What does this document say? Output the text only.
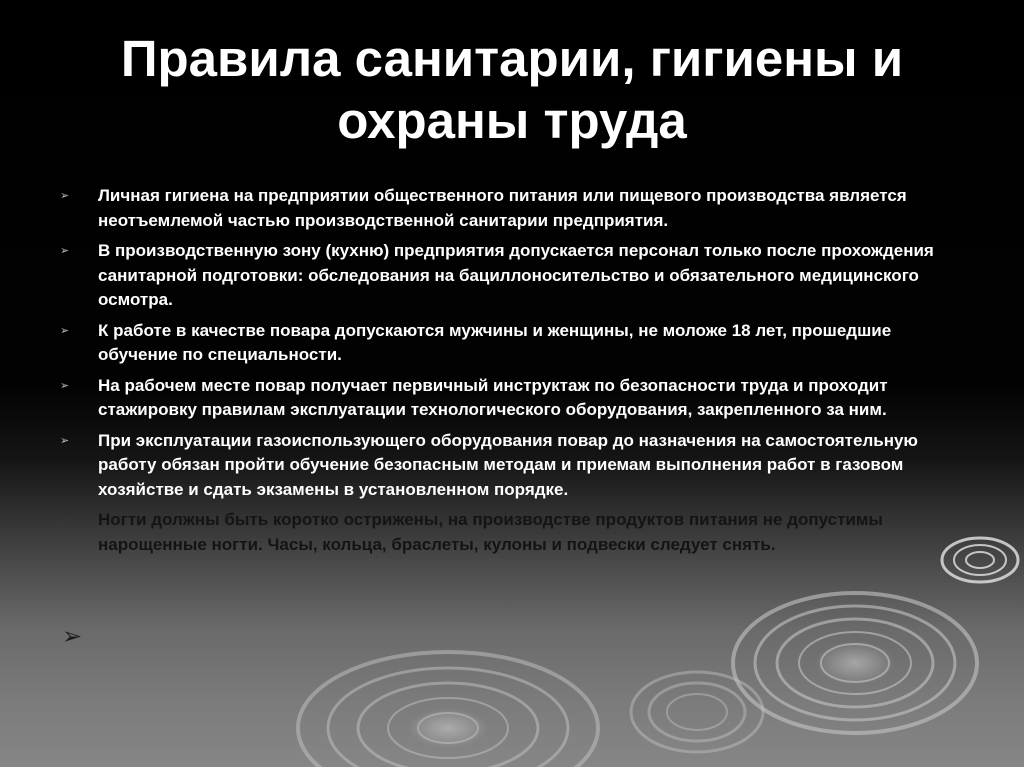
Правила санитарии, гигиены и охраны труда
➢ Личная гигиена на предприятии общественного питания или пищевого производства является неотъемлемой частью производственной санитарии предприятия.
➢ В производственную зону (кухню) предприятия допускается персонал только после прохождения санитарной подготовки: обследования на бациллоносительство и обязательного медицинского осмотра.
➢ К работе в качестве повара допускаются мужчины и женщины, не моложе 18 лет, прошедшие обучение по специальности.
➢ На рабочем месте повар получает первичный инструктаж по безопасности труда и проходит стажировку правилам эксплуатации технологического оборудования, закрепленного за ним.
➢ При эксплуатации газоиспользующего оборудования повар до назначения на самостоятельную работу обязан пройти обучение безопасным методам и приемам выполнения работ в газовом хозяйстве и сдать экзамены в установленном порядке.
➢ Ногти должны быть коротко острижены, на производстве продуктов питания не допустимы нарощенные ногти. Часы, кольца, браслеты, кулоны и подвески следует снять.
➢
